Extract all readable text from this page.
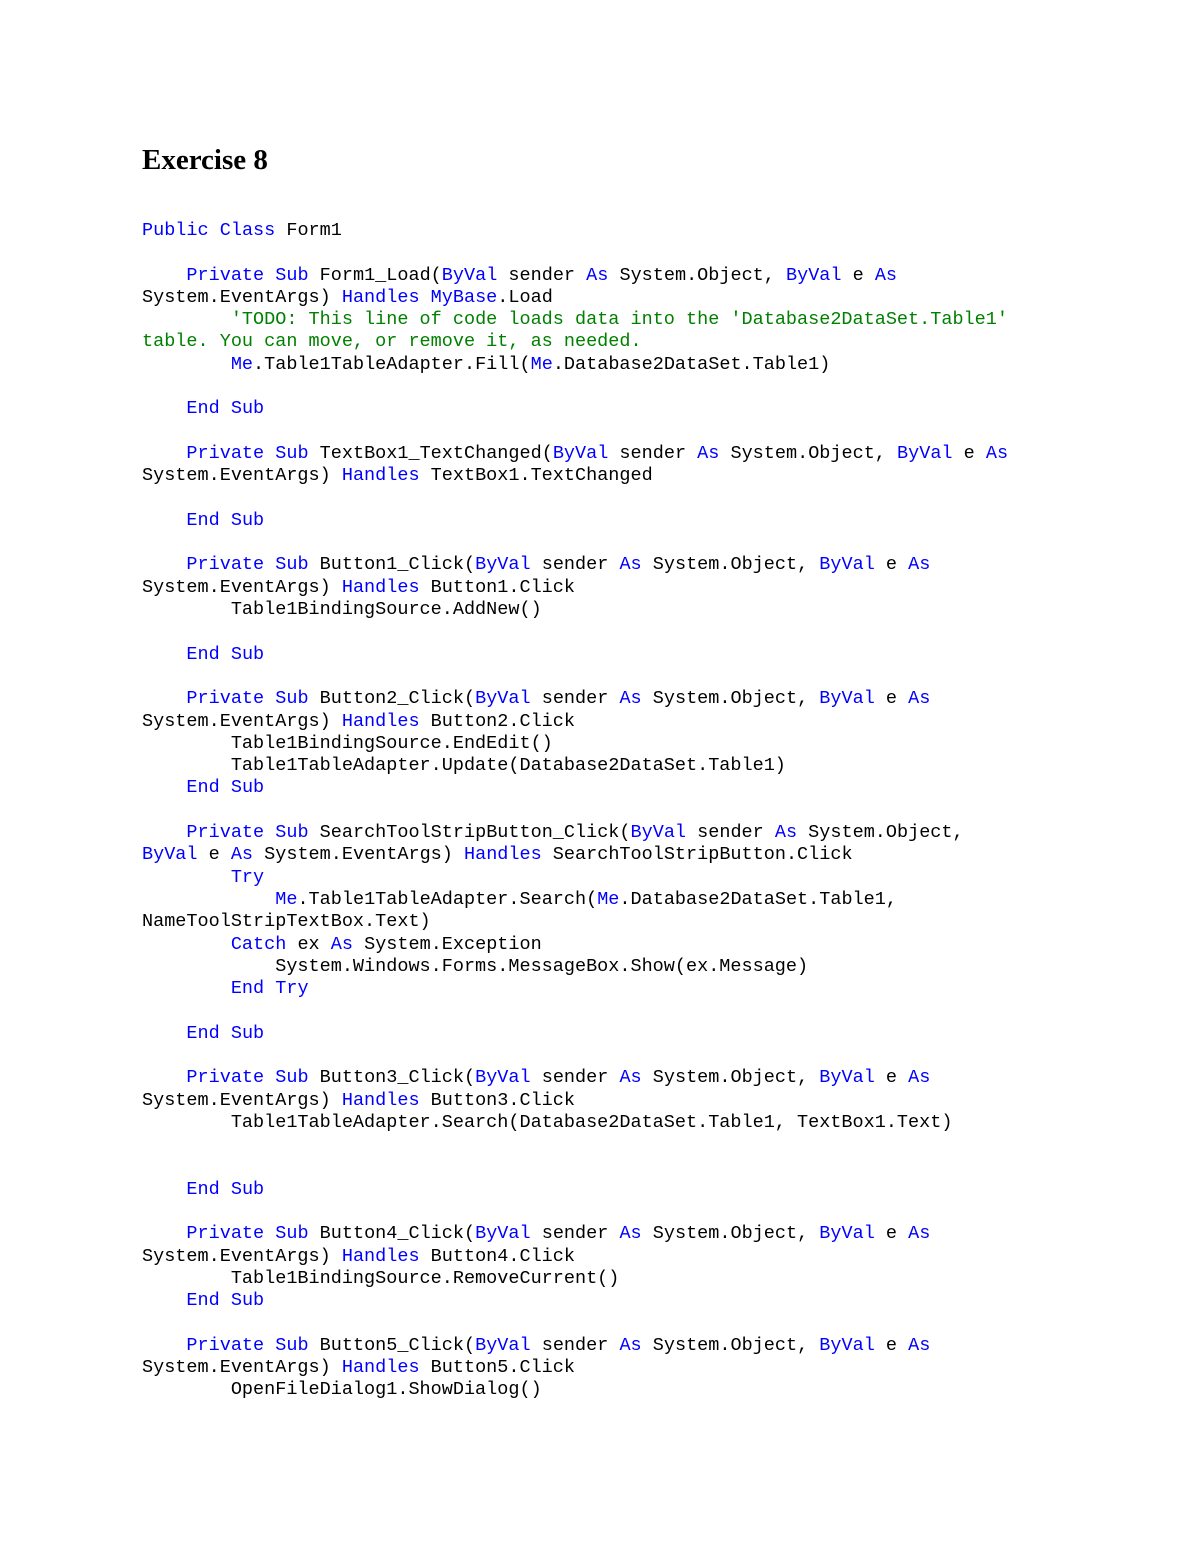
Exercise 8
Public Class Form1
Private Sub Form1_Load(ByVal sender As System.Object, ByVal e As
System.EventArgs) Handles MyBase.Load
'TODO: This line of code loads data into the 'Database2DataSet.Table1'
table. You can move, or remove it, as needed.
Me.Table1TableAdapter.Fill(Me.Database2DataSet.Table1)
End Sub
Private Sub TextBox1_TextChanged(ByVal sender As System.Object, ByVal e As
System.EventArgs) Handles TextBox1.TextChanged
End Sub
Private Sub Button1_Click(ByVal sender As System.Object, ByVal e As
System.EventArgs) Handles Button1.Click
Table1BindingSource.AddNew()
End Sub
Private Sub Button2_Click(ByVal sender As System.Object, ByVal e As
System.EventArgs) Handles Button2.Click
Table1BindingSource.EndEdit()
Table1TableAdapter.Update(Database2DataSet.Table1)
End Sub
Private Sub SearchToolStripButton_Click(ByVal sender As System.Object,
ByVal e As System.EventArgs) Handles SearchToolStripButton.Click
Try
Me.Table1TableAdapter.Search(Me.Database2DataSet.Table1,
NameToolStripTextBox.Text)
Catch ex As System.Exception
System.Windows.Forms.MessageBox.Show(ex.Message)
End Try
End Sub
Private Sub Button3_Click(ByVal sender As System.Object, ByVal e As
System.EventArgs) Handles Button3.Click
Table1TableAdapter.Search(Database2DataSet.Table1, TextBox1.Text)
End Sub
Private Sub Button4_Click(ByVal sender As System.Object, ByVal e As
System.EventArgs) Handles Button4.Click
Table1BindingSource.RemoveCurrent()
End Sub
Private Sub Button5_Click(ByVal sender As System.Object, ByVal e As
System.EventArgs) Handles Button5.Click
OpenFileDialog1.ShowDialog()
